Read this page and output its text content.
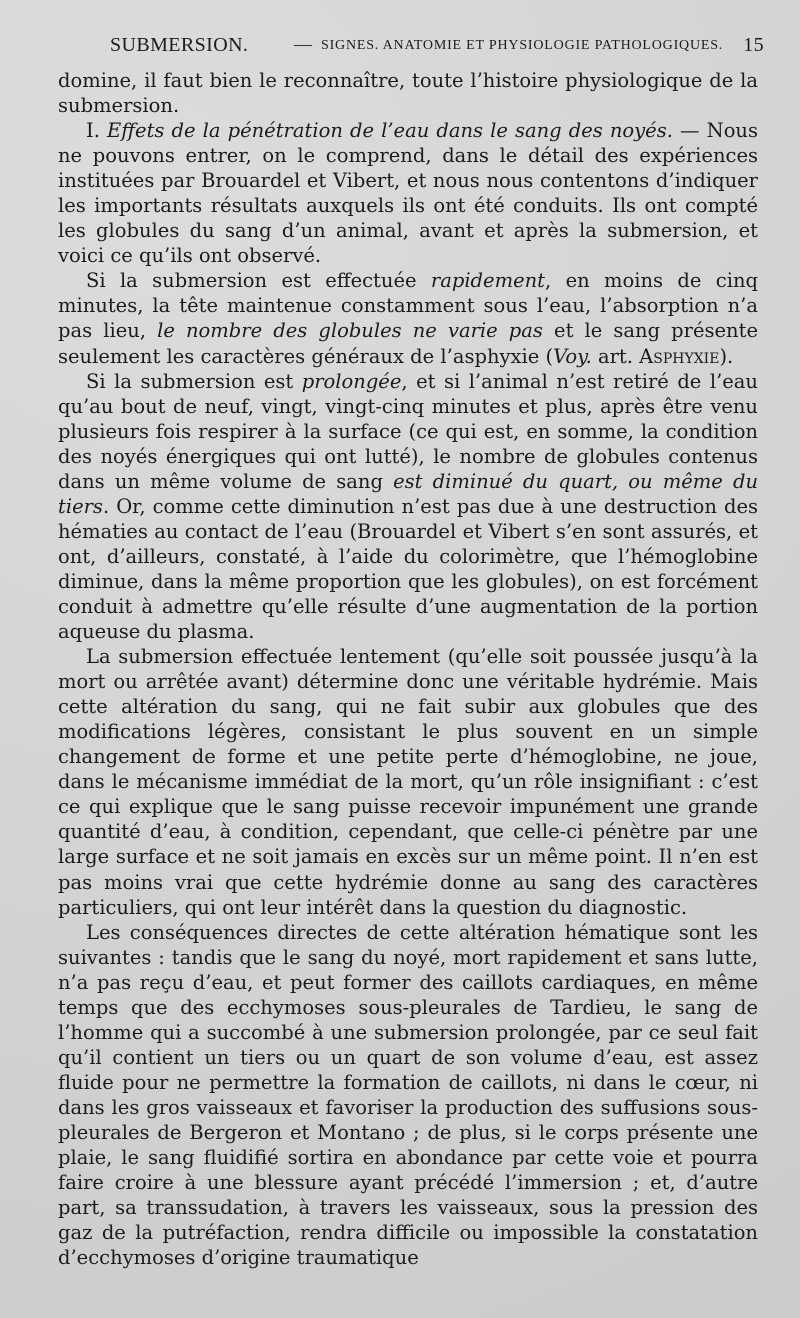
SUBMERSION.	— SIGNES. ANATOMIE ET PHYSIOLOGIE PATHOLOGIQUES. 15

domine, il faut bien le reconnaître, toute l’histoire physiologique de la submersion.

I. Effets de la pénétration de l’eau dans le sang des noyés. — Nous ne pouvons entrer, on le comprend, dans le détail des expériences instituées par Brouardel et Vibert, et nous nous contentons d’indiquer les importants résultats auxquels ils ont été conduits. Ils ont compté les globules du sang d’un animal, avant et après la submersion, et voici ce qu’ils ont observé.

Si la submersion est effectuée rapidement, en moins de cinq minutes, la tête maintenue constamment sous l’eau, l’absorption n’a pas lieu, le nombre des globules ne varie pas et le sang présente seulement les caractères généraux de l’asphyxie (Voy. art. Asphyxie).

Si la submersion est prolongée, et si l’animal n’est retiré de l’eau qu’au bout de neuf, vingt, vingt-cinq minutes et plus, après être venu plusieurs fois respirer à la surface (ce qui est, en somme, la condition des noyés énergiques qui ont lutté), le nombre de globules contenus dans un même volume de sang est diminué du quart, ou même du tiers. Or, comme cette diminution n’est pas due à une destruction des hématies au contact de l’eau (Brouardel et Vibert s’en sont assurés, et ont, d’ailleurs, constaté, à l’aide du colorimètre, que l’hémoglobine diminue, dans la même proportion que les globules), on est forcément conduit à admettre qu’elle résulte d’une augmentation de la portion aqueuse du plasma.

La submersion effectuée lentement (qu’elle soit poussée jusqu’à la mort ou arrêtée avant) détermine donc une véritable hydrémie. Mais cette altération du sang, qui ne fait subir aux globules que des modifications légères, consistant le plus souvent en un simple changement de forme et une petite perte d’hémoglobine, ne joue, dans le mécanisme immédiat de la mort, qu’un rôle insignifiant : c’est ce qui explique que le sang puisse recevoir impunément une grande quantité d’eau, à condition, cependant, que celle-ci pénètre par une large surface et ne soit jamais en excès sur un même point. Il n’en est pas moins vrai que cette hydrémie donne au sang des caractères particuliers, qui ont leur intérêt dans la question du diagnostic.

Les conséquences directes de cette altération hématique sont les suivantes : tandis que le sang du noyé, mort rapidement et sans lutte, n’a pas reçu d’eau, et peut former des caillots cardiaques, en même temps que des ecchymoses sous-pleurales de Tardieu, le sang de l’homme qui a succombé à une submersion prolongée, par ce seul fait qu’il contient un tiers ou un quart de son volume d’eau, est assez fluide pour ne permettre la formation de caillots, ni dans le cœur, ni dans les gros vaisseaux et favoriser la production des suffusions sous-pleurales de Bergeron et Montano ; de plus, si le corps présente une plaie, le sang fluidifié sortira en abondance par cette voie et pourra faire croire à une blessure ayant précédé l’immersion ; et, d’autre part, sa transsudation, à travers les vaisseaux, sous la pression des gaz de la putréfaction, rendra difficile ou impossible la constatation d’ecchymoses d’origine traumatique
